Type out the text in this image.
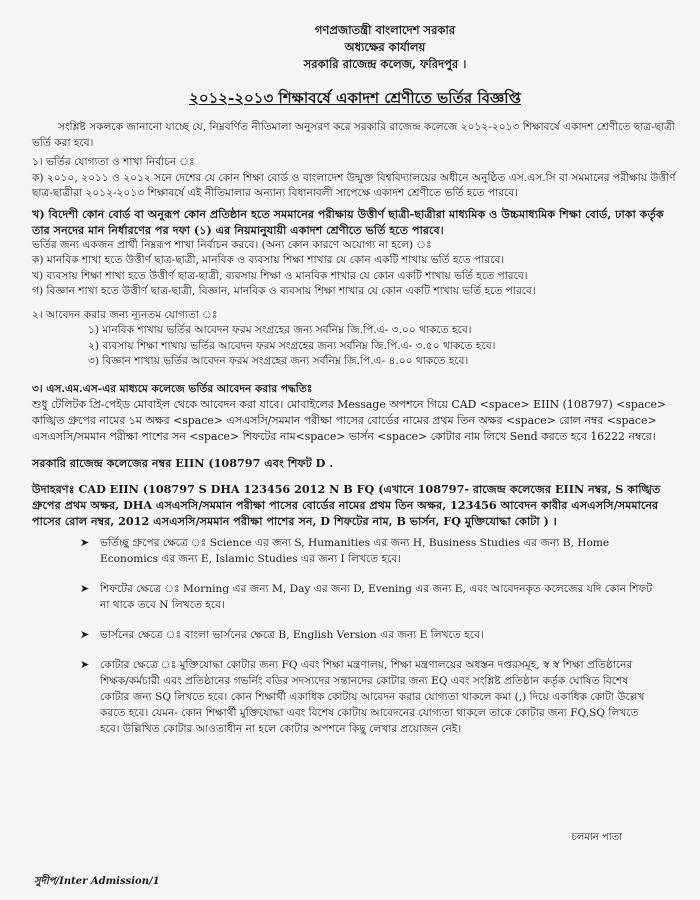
গণপ্রজাতন্ত্রী বাংলাদেশ সরকার
অধ্যক্ষের কার্যালয়
সরকারি রাজেন্দ্র কলেজ, ফরিদপুর ।
২০১২-২০১৩ শিক্ষাবর্ষে একাদশ শ্রেণীতে ভর্তির বিজ্ঞপ্তি

সংশ্লিষ্ট সকলকে জানানো যাচ্ছে যে, নিম্নবর্ণিত নীতিমালা অনুসরণ করে সরকারি রাজেন্দ্র কলেজে ২০১২-২০১৩ শিক্ষাবর্ষে একাদশ শ্রেণীতে ছাত্র-ছাত্রী ভর্তি করা হবে।

১। ভর্তির যোগ্যতা ও শাখা নির্বাচন ঃ

ক) ২০১০, ২০১১ ও ২০১২ সনে দেশের যে কোন শিক্ষা বোর্ড ও বাংলাদেশ উন্মুক্ত বিশ্ববিদ্যালয়ের অধীনে অনুষ্ঠিত এস.এস.সি বা সমমানের পরীক্ষায় উত্তীর্ণ ছাত্র-ছাত্রীরা ২০১২-২০১৩ শিক্ষাবর্ষে এই নীতিমালার অন্যান্য বিধানাবলী সাপেক্ষে একাদশ শ্রেণীতে ভর্তি হতে পারবে।

খ) বিদেশী কোন বোর্ড বা অনুরূপ কোন প্রতিষ্ঠান হতে সমমানের পরীক্ষায় উত্তীর্ণ ছাত্রী-ছাত্রীরা মাধ্যমিক ও উচ্চমাধ্যমিক শিক্ষা বোর্ড, ঢাকা কর্তৃক তার সনদের মান নির্ধারণের পর দফা (১) এর নিয়মানুযায়ী একাদশ শ্রেণীতে ভর্তি হতে পারবে।

ভর্তির জন্য একজন প্রার্থী নিম্নরূপ শাখা নির্বাচন করবে। (অন্য কোন কারণে অযোগ্য না হলে) ঃ

ক) মানবিক শাখা হতে উত্তীর্ণ ছাত্র-ছাত্রী, মানবিক ও ব্যবসায় শিক্ষা শাখার যে কোন একটি শাখায় ভর্তি হতে পারবে।
খ) ব্যবসায় শিক্ষা শাখা হতে উত্তীর্ণ ছাত্র-ছাত্রী, ব্যবসায় শিক্ষা ও মানবিক শাখার যে কোন একটি শাখায় ভর্তি হতে পারবে।
গ) বিজ্ঞান শাখা হতে উত্তীর্ণ ছাত্র-ছাত্রী, বিজ্ঞান, মানবিক ও ব্যবসায় শিক্ষা শাখার যে কোন একটি শাখায় ভর্তি হতে পারবে।

২। আবেদন করার জন্য ন্যূনতম যোগ্যতা ঃ

১) মানবিক শাখায় ভর্তির আবেদন ফরম সংগ্রহের জন্য সর্বনিম্ন জি.পি.এ- ৩.০০ থাকতে হবে।
২) ব্যবসায় শিক্ষা শাখায় ভর্তির আবেদন ফরম সংগ্রহের জন্য সর্বনিম্ন জি.পি.এ- ৩.৫০ থাকতে হবে।
৩) বিজ্ঞান শাখায় ভর্তির আবেদন ফরম সংগ্রহের জন্য সর্বনিম্ন জি.পি.এ- ৪.০০ থাকতে হবে।

৩। এস.এম.এস-এর মাধ্যমে কলেজে ভর্তির আবেদন করার পদ্ধতিঃ

শুধু টেলিটক প্রি-পেইড মোবাইল থেকে আবেদন করা যাবে। মোবাইলের Message অপশনে গিয়ে CAD <space> EIIN (108797) <space> কাঙ্খিত গ্রুপের নামের ১ম অক্ষর <space> এসএসসি/সমমান পরীক্ষা পাসের বোর্ডের নামের প্রথম তিন অক্ষর <space> রোল নম্বর <space> এসএসসি/সমমান পরীক্ষা পাশের সন <space> শিফটের নাম<space> ভার্সন <space> কোটার নাম লিখে Send করতে হবে 16222 নম্বরে।

সরকারি রাজেন্দ্র কলেজের নম্বর EIIN (108797 এবং শিফট D .

উদাহরণঃ CAD EIIN (108797 S DHA 123456 2012 N B FQ (এখানে 108797- রাজেন্দ্র কলেজের EIIN নম্বর, S কাঙ্খিত গ্রুপের প্রথম অক্ষর, DHA এসএসসি/সমমান পরীক্ষা পাসের বোর্ডের নামের প্রথম তিন অক্ষর, 123456 আবেদন কারীর এসএসসি/সমমানের পাসের রোল নম্বর, 2012 এসএসসি/সমমান পরীক্ষা পাশের সন, D শিফটের নাম, B ভার্সন, FQ মুক্তিযোদ্ধা কোটা ) ।

➤	ভর্তিচ্ছু গ্রুপের ক্ষেত্রে ঃ Science এর জন্য S, Humanities এর জন্য H, Business Studies এর জন্য B, Home Economics এর জন্য E, Islamic Studies এর জন্য I লিখতে হবে।
➤	শিফটের ক্ষেত্রে ঃ Morning এর জন্য M, Day এর জন্য D, Evening এর জন্য E, এবং আবেদনকৃত কলেজের যদি কোন শিফট না থাকে তবে N লিখতে হবে।
➤	ভার্সনের ক্ষেত্রে ঃ বাংলা ভার্সনের ক্ষেত্রে B, English Version এর জন্য E লিখতে হবে।
➤	কোটার ক্ষেত্রে ঃ মুক্তিযোদ্ধা কোটার জন্য FQ এবং শিক্ষা মন্ত্রণালয়, শিক্ষা মন্ত্রণালয়ের অধস্তন দপ্তরসমূহ, স্ব স্ব শিক্ষা প্রতিষ্ঠানের শিক্ষক/কর্মচারী এবং প্রতিষ্ঠানের গভর্নিং বডির সদস্যদের সন্তানদের কোটার জন্য EQ এবং সংশ্লিষ্ট প্রতিষ্ঠান কর্তৃক ঘোষিত বিশেষ কোটার জন্য SQ লিখতে হবে। কোন শিক্ষার্থী একাধিক কোটায় আবেদন করার যোগ্যতা থাকলে কমা (,) দিয়ে একাধিক কোটা উল্লেখ করতে হবে। যেমন- কোন শিক্ষার্থী মুক্তিযোদ্ধা এবং বিশেষ কোটায় আবেদনের যোগ্যতা থাকলে তাকে কোটার জন্য FQ,SQ লিখতে হবে। উল্লিখিত কোটার আওতাধীন না হলে কোটার অপশনে কিছু লেখার প্রয়োজন নেই।
চলমান পাতা
সুদীপ/Inter Admission/1
